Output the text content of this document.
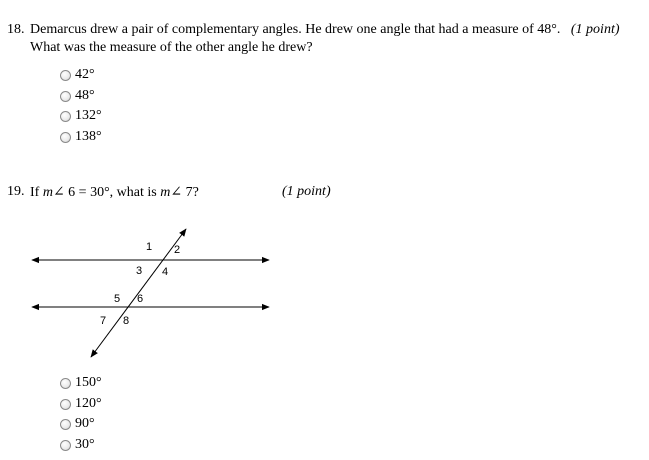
18. Demarcus drew a pair of complementary angles. He drew one angle that had a measure of 48°. (1 point)
What was the measure of the other angle he drew?
42°
48°
132°
138°
19. If m∠ 6 = 30°, what is m∠ 7?	(1 point)
1 2
3 4
5 6
7 8
150°
120°
90°
30°
